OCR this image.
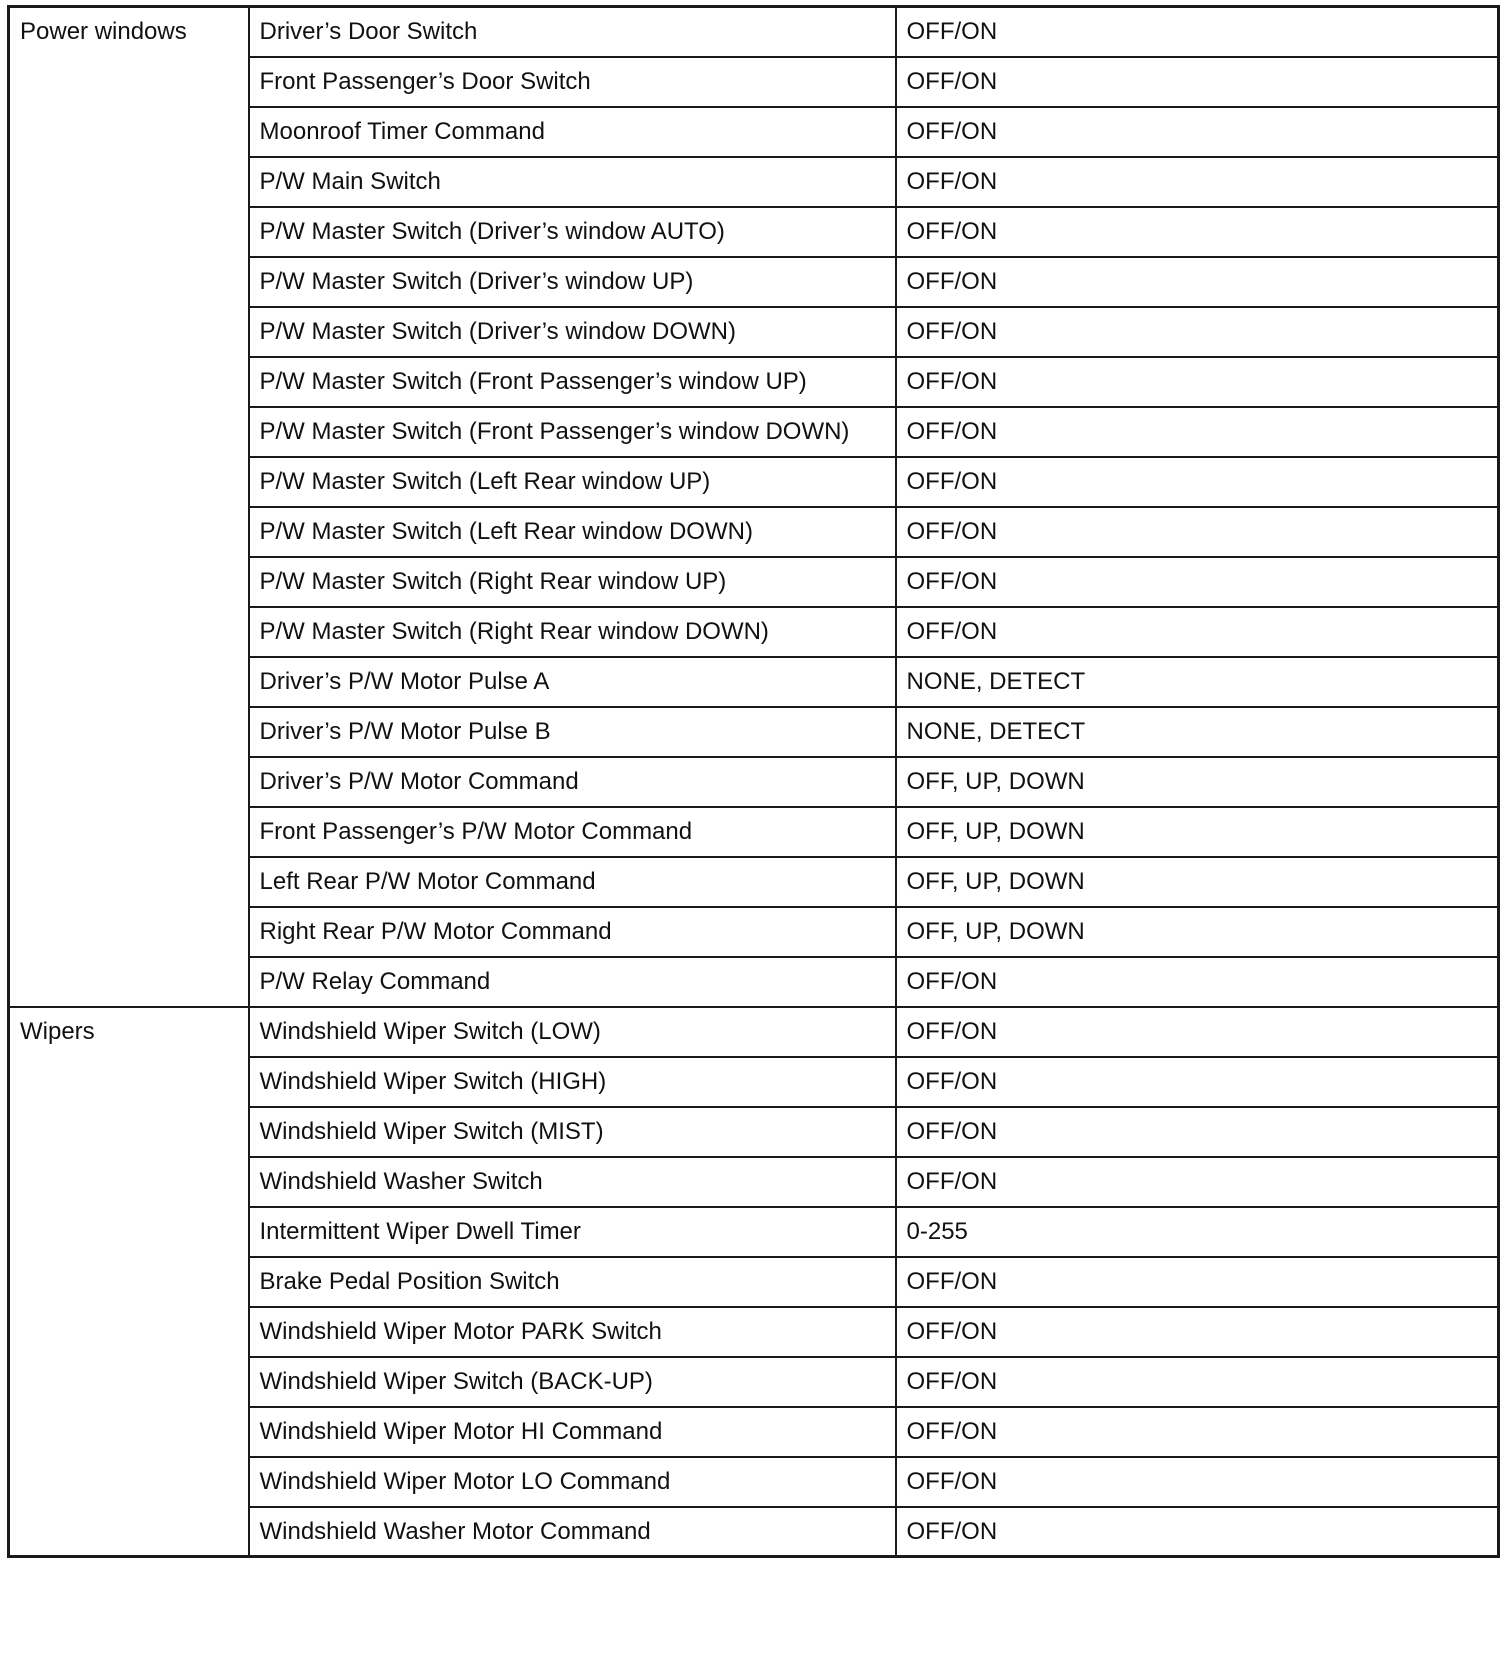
Power windows	Driver’s Door Switch	OFF/ON
	Front Passenger’s Door Switch	OFF/ON
	Moonroof Timer Command	OFF/ON
	P/W Main Switch	OFF/ON
	P/W Master Switch (Driver’s window AUTO)	OFF/ON
	P/W Master Switch (Driver’s window UP)	OFF/ON
	P/W Master Switch (Driver’s window DOWN)	OFF/ON
	P/W Master Switch (Front Passenger’s window UP)	OFF/ON
	P/W Master Switch (Front Passenger’s window DOWN)	OFF/ON
	P/W Master Switch (Left Rear window UP)	OFF/ON
	P/W Master Switch (Left Rear window DOWN)	OFF/ON
	P/W Master Switch (Right Rear window UP)	OFF/ON
	P/W Master Switch (Right Rear window DOWN)	OFF/ON
	Driver’s P/W Motor Pulse A	NONE, DETECT
	Driver’s P/W Motor Pulse B	NONE, DETECT
	Driver’s P/W Motor Command	OFF, UP, DOWN
	Front Passenger’s P/W Motor Command	OFF, UP, DOWN
	Left Rear P/W Motor Command	OFF, UP, DOWN
	Right Rear P/W Motor Command	OFF, UP, DOWN
	P/W Relay Command	OFF/ON
Wipers	Windshield Wiper Switch (LOW)	OFF/ON
	Windshield Wiper Switch (HIGH)	OFF/ON
	Windshield Wiper Switch (MIST)	OFF/ON
	Windshield Washer Switch	OFF/ON
	Intermittent Wiper Dwell Timer	0-255
	Brake Pedal Position Switch	OFF/ON
	Windshield Wiper Motor PARK Switch	OFF/ON
	Windshield Wiper Switch (BACK-UP)	OFF/ON
	Windshield Wiper Motor HI Command	OFF/ON
	Windshield Wiper Motor LO Command	OFF/ON
	Windshield Washer Motor Command	OFF/ON
